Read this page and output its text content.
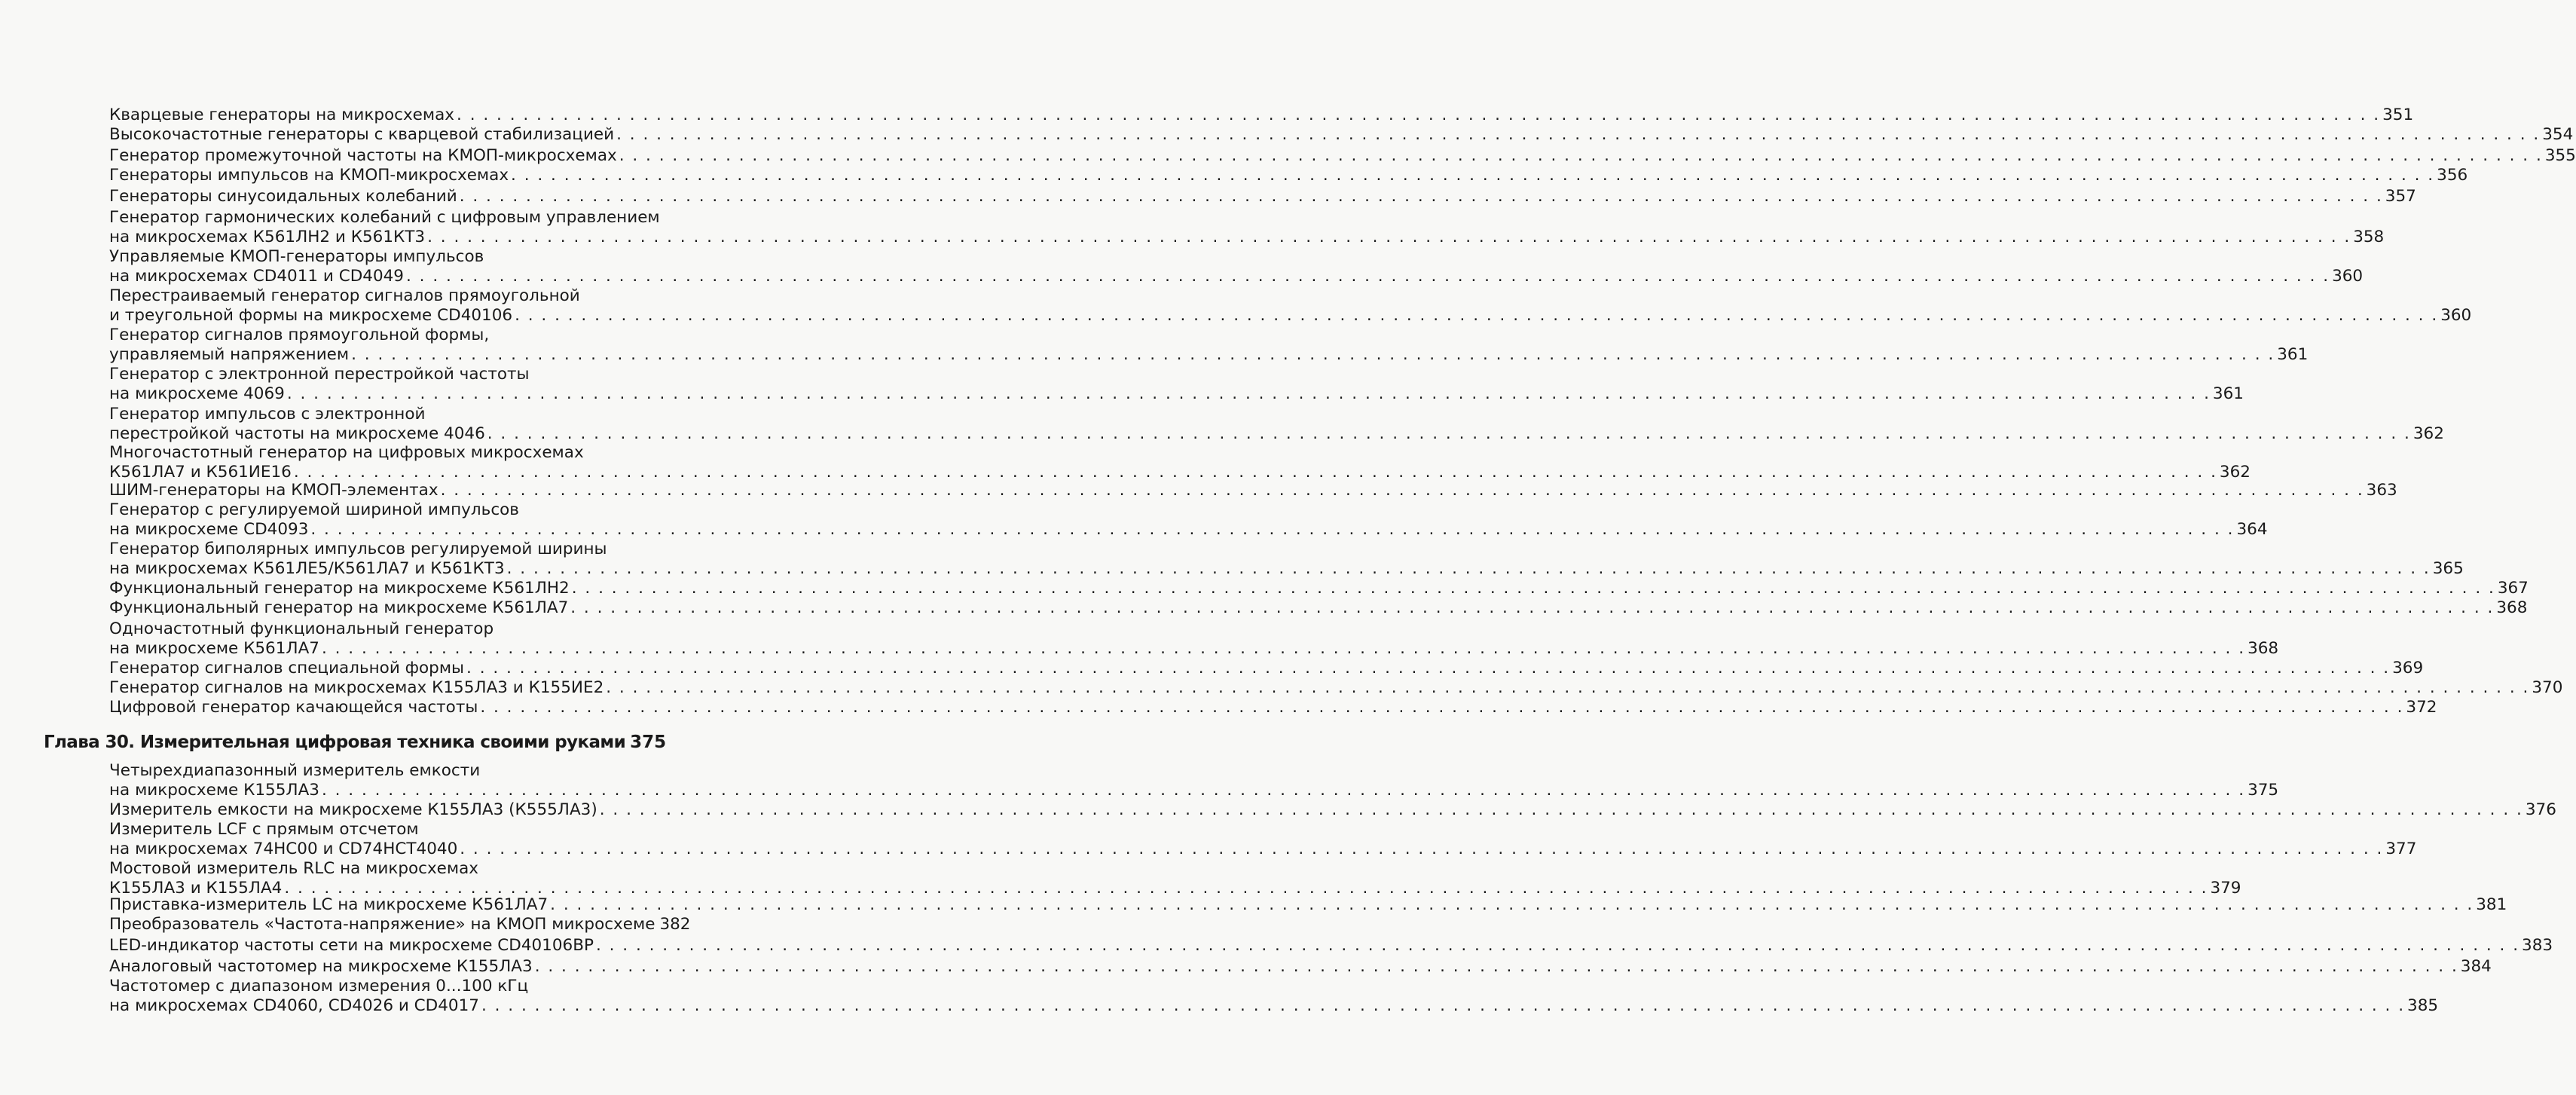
Глава 30. Измерительная цифровая техника своими руками 375
Кварцевые генераторы на микросхемах . . . . . . . . . . . . . . . . . . . . . . . . . . . . . . . . . . . . . . . . . . . . . . . . . . . . . . . . . . . . . . . . . . . . . . . . . . . . . . . . . . . . . . . . . . . . . . . . . . . . . . . . . . . . . . . . . . . . . . . . . . . . . . . . . . . . . . . . . . . . . . . . . 351
Высокочастотные генераторы с кварцевой стабилизацией . . . . . . . . . . . . . . . . . . . . . . . . . . . . . . . . . . . . . . . . . . . . . . . . . . . . . . . . . . . . . . . . . . . . . . . . . . . . . . . . . . . . . . . . . . . . . . . . . . . . . . . . . . . . . . . . . . . . . . . . . . . . . . . . . . . . . . . . . . . . . . . . . 354
Генератор промежуточной частоты на КМОП-микросхемах . . . . . . . . . . . . . . . . . . . . . . . . . . . . . . . . . . . . . . . . . . . . . . . . . . . . . . . . . . . . . . . . . . . . . . . . . . . . . . . . . . . . . . . . . . . . . . . . . . . . . . . . . . . . . . . . . . . . . . . . . . . . . . . . . . . . . . . . . . . . . . . . . 355
Генераторы импульсов на КМОП-микросхемах . . . . . . . . . . . . . . . . . . . . . . . . . . . . . . . . . . . . . . . . . . . . . . . . . . . . . . . . . . . . . . . . . . . . . . . . . . . . . . . . . . . . . . . . . . . . . . . . . . . . . . . . . . . . . . . . . . . . . . . . . . . . . . . . . . . . . . . . . . . . . . . . . 356
Генераторы синусоидальных колебаний . . . . . . . . . . . . . . . . . . . . . . . . . . . . . . . . . . . . . . . . . . . . . . . . . . . . . . . . . . . . . . . . . . . . . . . . . . . . . . . . . . . . . . . . . . . . . . . . . . . . . . . . . . . . . . . . . . . . . . . . . . . . . . . . . . . . . . . . . . . . . . . . . 357
Генератор гармонических колебаний с цифровым управлением
на микросхемах К561ЛН2 и К561КТ3 . . . . . . . . . . . . . . . . . . . . . . . . . . . . . . . . . . . . . . . . . . . . . . . . . . . . . . . . . . . . . . . . . . . . . . . . . . . . . . . . . . . . . . . . . . . . . . . . . . . . . . . . . . . . . . . . . . . . . . . . . . . . . . . . . . . . . . . . . . . . . . . . . 358
Управляемые КМОП-генераторы импульсов
на микросхемах CD4011 и CD4049 . . . . . . . . . . . . . . . . . . . . . . . . . . . . . . . . . . . . . . . . . . . . . . . . . . . . . . . . . . . . . . . . . . . . . . . . . . . . . . . . . . . . . . . . . . . . . . . . . . . . . . . . . . . . . . . . . . . . . . . . . . . . . . . . . . . . . . . . . . . . . . . . . 360
Перестраиваемый генератор сигналов прямоугольной
и треугольной формы на микросхеме CD40106 . . . . . . . . . . . . . . . . . . . . . . . . . . . . . . . . . . . . . . . . . . . . . . . . . . . . . . . . . . . . . . . . . . . . . . . . . . . . . . . . . . . . . . . . . . . . . . . . . . . . . . . . . . . . . . . . . . . . . . . . . . . . . . . . . . . . . . . . . . . . . . . . . 360
Генератор сигналов прямоугольной формы,
управляемый напряжением . . . . . . . . . . . . . . . . . . . . . . . . . . . . . . . . . . . . . . . . . . . . . . . . . . . . . . . . . . . . . . . . . . . . . . . . . . . . . . . . . . . . . . . . . . . . . . . . . . . . . . . . . . . . . . . . . . . . . . . . . . . . . . . . . . . . . . . . . . . . . . . . . 361
Генератор с электронной перестройкой частоты
на микросхеме 4069 . . . . . . . . . . . . . . . . . . . . . . . . . . . . . . . . . . . . . . . . . . . . . . . . . . . . . . . . . . . . . . . . . . . . . . . . . . . . . . . . . . . . . . . . . . . . . . . . . . . . . . . . . . . . . . . . . . . . . . . . . . . . . . . . . . . . . . . . . . . . . . . . . 361
Генератор импульсов с электронной
перестройкой частоты на микросхеме 4046 . . . . . . . . . . . . . . . . . . . . . . . . . . . . . . . . . . . . . . . . . . . . . . . . . . . . . . . . . . . . . . . . . . . . . . . . . . . . . . . . . . . . . . . . . . . . . . . . . . . . . . . . . . . . . . . . . . . . . . . . . . . . . . . . . . . . . . . . . . . . . . . . . 362
Многочастотный генератор на цифровых микросхемах
К561ЛА7 и К561ИЕ16 . . . . . . . . . . . . . . . . . . . . . . . . . . . . . . . . . . . . . . . . . . . . . . . . . . . . . . . . . . . . . . . . . . . . . . . . . . . . . . . . . . . . . . . . . . . . . . . . . . . . . . . . . . . . . . . . . . . . . . . . . . . . . . . . . . . . . . . . . . . . . . . . . 362
ШИМ-генераторы на КМОП-элементах . . . . . . . . . . . . . . . . . . . . . . . . . . . . . . . . . . . . . . . . . . . . . . . . . . . . . . . . . . . . . . . . . . . . . . . . . . . . . . . . . . . . . . . . . . . . . . . . . . . . . . . . . . . . . . . . . . . . . . . . . . . . . . . . . . . . . . . . . . . . . . . . . 363
Генератор с регулируемой шириной импульсов
на микросхеме CD4093 . . . . . . . . . . . . . . . . . . . . . . . . . . . . . . . . . . . . . . . . . . . . . . . . . . . . . . . . . . . . . . . . . . . . . . . . . . . . . . . . . . . . . . . . . . . . . . . . . . . . . . . . . . . . . . . . . . . . . . . . . . . . . . . . . . . . . . . . . . . . . . . . . 364
Генератор биполярных импульсов регулируемой ширины
на микросхемах К561ЛЕ5/К561ЛА7 и К561КТ3 . . . . . . . . . . . . . . . . . . . . . . . . . . . . . . . . . . . . . . . . . . . . . . . . . . . . . . . . . . . . . . . . . . . . . . . . . . . . . . . . . . . . . . . . . . . . . . . . . . . . . . . . . . . . . . . . . . . . . . . . . . . . . . . . . . . . . . . . . . . . . . . . . 365
Функциональный генератор на микросхеме К561ЛН2 . . . . . . . . . . . . . . . . . . . . . . . . . . . . . . . . . . . . . . . . . . . . . . . . . . . . . . . . . . . . . . . . . . . . . . . . . . . . . . . . . . . . . . . . . . . . . . . . . . . . . . . . . . . . . . . . . . . . . . . . . . . . . . . . . . . . . . . . . . . . . . . . . 367
Функциональный генератор на микросхеме К561ЛА7 . . . . . . . . . . . . . . . . . . . . . . . . . . . . . . . . . . . . . . . . . . . . . . . . . . . . . . . . . . . . . . . . . . . . . . . . . . . . . . . . . . . . . . . . . . . . . . . . . . . . . . . . . . . . . . . . . . . . . . . . . . . . . . . . . . . . . . . . . . . . . . . . . 368
Одночастотный функциональный генератор
на микросхеме К561ЛА7 . . . . . . . . . . . . . . . . . . . . . . . . . . . . . . . . . . . . . . . . . . . . . . . . . . . . . . . . . . . . . . . . . . . . . . . . . . . . . . . . . . . . . . . . . . . . . . . . . . . . . . . . . . . . . . . . . . . . . . . . . . . . . . . . . . . . . . . . . . . . . . . . . 368
Генератор сигналов специальной формы . . . . . . . . . . . . . . . . . . . . . . . . . . . . . . . . . . . . . . . . . . . . . . . . . . . . . . . . . . . . . . . . . . . . . . . . . . . . . . . . . . . . . . . . . . . . . . . . . . . . . . . . . . . . . . . . . . . . . . . . . . . . . . . . . . . . . . . . . . . . . . . . . 369
Генератор сигналов на микросхемах К155ЛА3 и К155ИЕ2 . . . . . . . . . . . . . . . . . . . . . . . . . . . . . . . . . . . . . . . . . . . . . . . . . . . . . . . . . . . . . . . . . . . . . . . . . . . . . . . . . . . . . . . . . . . . . . . . . . . . . . . . . . . . . . . . . . . . . . . . . . . . . . . . . . . . . . . . . . . . . . . . . 370
Цифровой генератор качающейся частоты . . . . . . . . . . . . . . . . . . . . . . . . . . . . . . . . . . . . . . . . . . . . . . . . . . . . . . . . . . . . . . . . . . . . . . . . . . . . . . . . . . . . . . . . . . . . . . . . . . . . . . . . . . . . . . . . . . . . . . . . . . . . . . . . . . . . . . . . . . . . . . . . . 372
Четырехдиапазонный измеритель емкости
на микросхеме К155ЛА3 . . . . . . . . . . . . . . . . . . . . . . . . . . . . . . . . . . . . . . . . . . . . . . . . . . . . . . . . . . . . . . . . . . . . . . . . . . . . . . . . . . . . . . . . . . . . . . . . . . . . . . . . . . . . . . . . . . . . . . . . . . . . . . . . . . . . . . . . . . . . . . . . . 375
Измеритель емкости на микросхеме К155ЛА3 (К555ЛА3) . . . . . . . . . . . . . . . . . . . . . . . . . . . . . . . . . . . . . . . . . . . . . . . . . . . . . . . . . . . . . . . . . . . . . . . . . . . . . . . . . . . . . . . . . . . . . . . . . . . . . . . . . . . . . . . . . . . . . . . . . . . . . . . . . . . . . . . . . . . . . . . . . 376
Измеритель LCF с прямым отсчетом
на микросхемах 74НС00 и CD74HCT4040 . . . . . . . . . . . . . . . . . . . . . . . . . . . . . . . . . . . . . . . . . . . . . . . . . . . . . . . . . . . . . . . . . . . . . . . . . . . . . . . . . . . . . . . . . . . . . . . . . . . . . . . . . . . . . . . . . . . . . . . . . . . . . . . . . . . . . . . . . . . . . . . . . 377
Мостовой измеритель RLC на микросхемах
К155ЛА3 и К155ЛА4 . . . . . . . . . . . . . . . . . . . . . . . . . . . . . . . . . . . . . . . . . . . . . . . . . . . . . . . . . . . . . . . . . . . . . . . . . . . . . . . . . . . . . . . . . . . . . . . . . . . . . . . . . . . . . . . . . . . . . . . . . . . . . . . . . . . . . . . . . . . . . . . . . 379
Приставка-измеритель LC на микросхеме К561ЛА7 . . . . . . . . . . . . . . . . . . . . . . . . . . . . . . . . . . . . . . . . . . . . . . . . . . . . . . . . . . . . . . . . . . . . . . . . . . . . . . . . . . . . . . . . . . . . . . . . . . . . . . . . . . . . . . . . . . . . . . . . . . . . . . . . . . . . . . . . . . . . . . . . . 381
Преобразователь «Частота-напряжение» на КМОП микросхеме 382
LED-индикатор частоты сети на микросхеме CD40106BP . . . . . . . . . . . . . . . . . . . . . . . . . . . . . . . . . . . . . . . . . . . . . . . . . . . . . . . . . . . . . . . . . . . . . . . . . . . . . . . . . . . . . . . . . . . . . . . . . . . . . . . . . . . . . . . . . . . . . . . . . . . . . . . . . . . . . . . . . . . . . . . . . 383
Аналоговый частотомер на микросхеме К155ЛА3 . . . . . . . . . . . . . . . . . . . . . . . . . . . . . . . . . . . . . . . . . . . . . . . . . . . . . . . . . . . . . . . . . . . . . . . . . . . . . . . . . . . . . . . . . . . . . . . . . . . . . . . . . . . . . . . . . . . . . . . . . . . . . . . . . . . . . . . . . . . . . . . . . 384
Частотомер с диапазоном измерения 0...100 кГц
на микросхемах CD4060, CD4026 и CD4017 . . . . . . . . . . . . . . . . . . . . . . . . . . . . . . . . . . . . . . . . . . . . . . . . . . . . . . . . . . . . . . . . . . . . . . . . . . . . . . . . . . . . . . . . . . . . . . . . . . . . . . . . . . . . . . . . . . . . . . . . . . . . . . . . . . . . . . . . . . . . . . . . . 385
